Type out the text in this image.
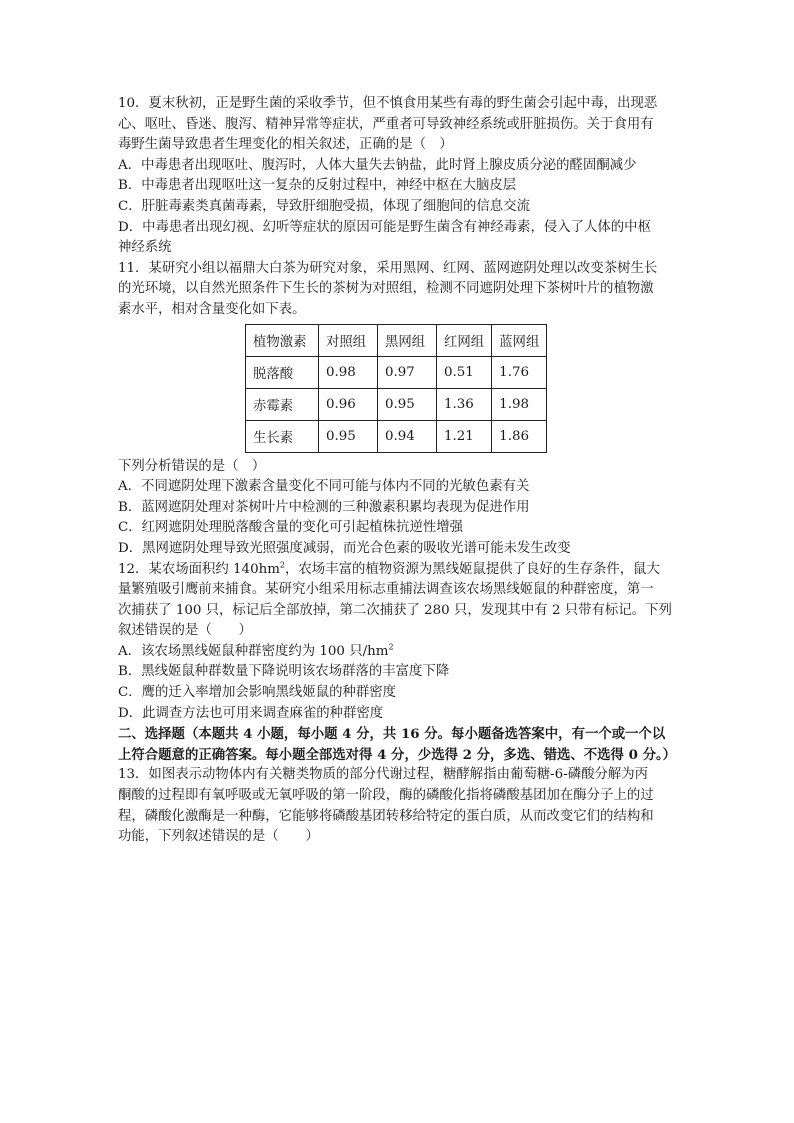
10．夏末秋初，正是野生菌的采收季节，但不慎食用某些有毒的野生菌会引起中毒，出现恶
心、呕吐、昏迷、腹泻、精神异常等症状，严重者可导致神经系统或肝脏损伤。关于食用有
毒野生菌导致患者生理变化的相关叙述，正确的是（　）
A．中毒患者出现呕吐、腹泻时，人体大量失去钠盐，此时肾上腺皮质分泌的醛固酮减少
B．中毒患者出现呕吐这一复杂的反射过程中，神经中枢在大脑皮层
C．肝脏毒素类真菌毒素，导致肝细胞受损，体现了细胞间的信息交流
D．中毒患者出现幻视、幻听等症状的原因可能是野生菌含有神经毒素，侵入了人体的中枢
神经系统
11．某研究小组以福鼎大白茶为研究对象，采用黑网、红网、蓝网遮阴处理以改变茶树生长
的光环境，以自然光照条件下生长的茶树为对照组，检测不同遮阴处理下茶树叶片的植物激
素水平，相对含量变化如下表。
植物激素	对照组	黑网组	红网组	蓝网组
脱落酸	0.98	0.97	0.51	1.76
赤霉素	0.96	0.95	1.36	1.98
生长素	0.95	0.94	1.21	1.86
下列分析错误的是（　）
A．不同遮阴处理下激素含量变化不同可能与体内不同的光敏色素有关
B．蓝网遮阴处理对茶树叶片中检测的三种激素积累均表现为促进作用
C．红网遮阴处理脱落酸含量的变化可引起植株抗逆性增强
D．黑网遮阴处理导致光照强度减弱，而光合色素的吸收光谱可能未发生改变
12．某农场面积约 $140hm^2$，农场丰富的植物资源为黑线姬鼠提供了良好的生存条件，鼠大
量繁殖吸引鹰前来捕食。某研究小组采用标志重捕法调查该农场黑线姬鼠的种群密度，第一
次捕获了 100 只，标记后全部放掉，第二次捕获了 280 只，发现其中有 2 只带有标记。下列
叙述错误的是（　　）
A．该农场黑线姬鼠种群密度约为 100 只$/hm^2$
B．黑线姬鼠种群数量下降说明该农场群落的丰富度下降
C．鹰的迁入率增加会影响黑线姬鼠的种群密度
D．此调查方法也可用来调查麻雀的种群密度
二、选择题（本题共 4 小题，每小题 4 分，共 16 分。每小题备选答案中，有一个或一个以
上符合题意的正确答案。每小题全部选对得 4 分，少选得 2 分，多选、错选、不选得 0 分。）
13．如图表示动物体内有关糖类物质的部分代谢过程，糖酵解指由葡萄糖-6-磷酸分解为丙
酮酸的过程即有氧呼吸或无氧呼吸的第一阶段，酶的磷酸化指将磷酸基团加在酶分子上的过
程，磷酸化激酶是一种酶，它能够将磷酸基团转移给特定的蛋白质，从而改变它们的结构和
功能，下列叙述错误的是（　　）
